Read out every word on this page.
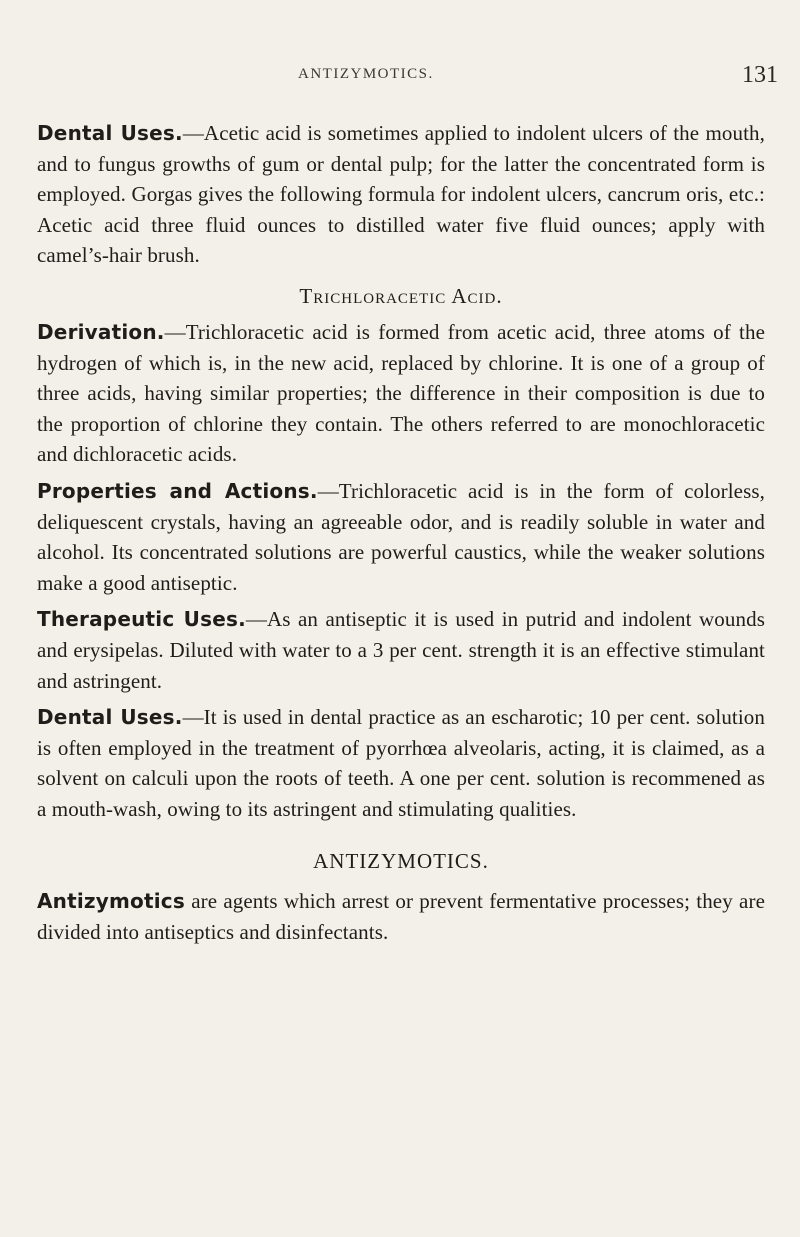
ANTIZYMOTICS.	131

Dental Uses.—Acetic acid is sometimes applied to indolent ulcers of the mouth, and to fungus growths of gum or dental pulp; for the latter the concentrated form is employed. Gorgas gives the following formula for indolent ulcers, cancrum oris, etc.: Acetic acid three fluid ounces to distilled water five fluid ounces; apply with camel’s-hair brush.

Trichloracetic Acid.

Derivation.—Trichloracetic acid is formed from acetic acid, three atoms of the hydrogen of which is, in the new acid, replaced by chlorine. It is one of a group of three acids, having similar properties; the difference in their composition is due to the proportion of chlorine they contain. The others referred to are monochloracetic and dichloracetic acids.

Properties and Actions.—Trichloracetic acid is in the form of colorless, deliquescent crystals, having an agreeable odor, and is readily soluble in water and alcohol. Its concentrated solutions are powerful caustics, while the weaker solutions make a good antiseptic.

Therapeutic Uses.—As an antiseptic it is used in putrid and indolent wounds and erysipelas. Diluted with water to a 3 per cent. strength it is an effective stimulant and astringent.

Dental Uses.—It is used in dental practice as an escharotic; 10 per cent. solution is often employed in the treatment of pyorrhœa alveolaris, acting, it is claimed, as a solvent on calculi upon the roots of teeth. A one per cent. solution is recommened as a mouth-wash, owing to its astringent and stimulating qualities.

ANTIZYMOTICS.

Antizymotics are agents which arrest or prevent fermentative processes; they are divided into antiseptics and disinfectants.
